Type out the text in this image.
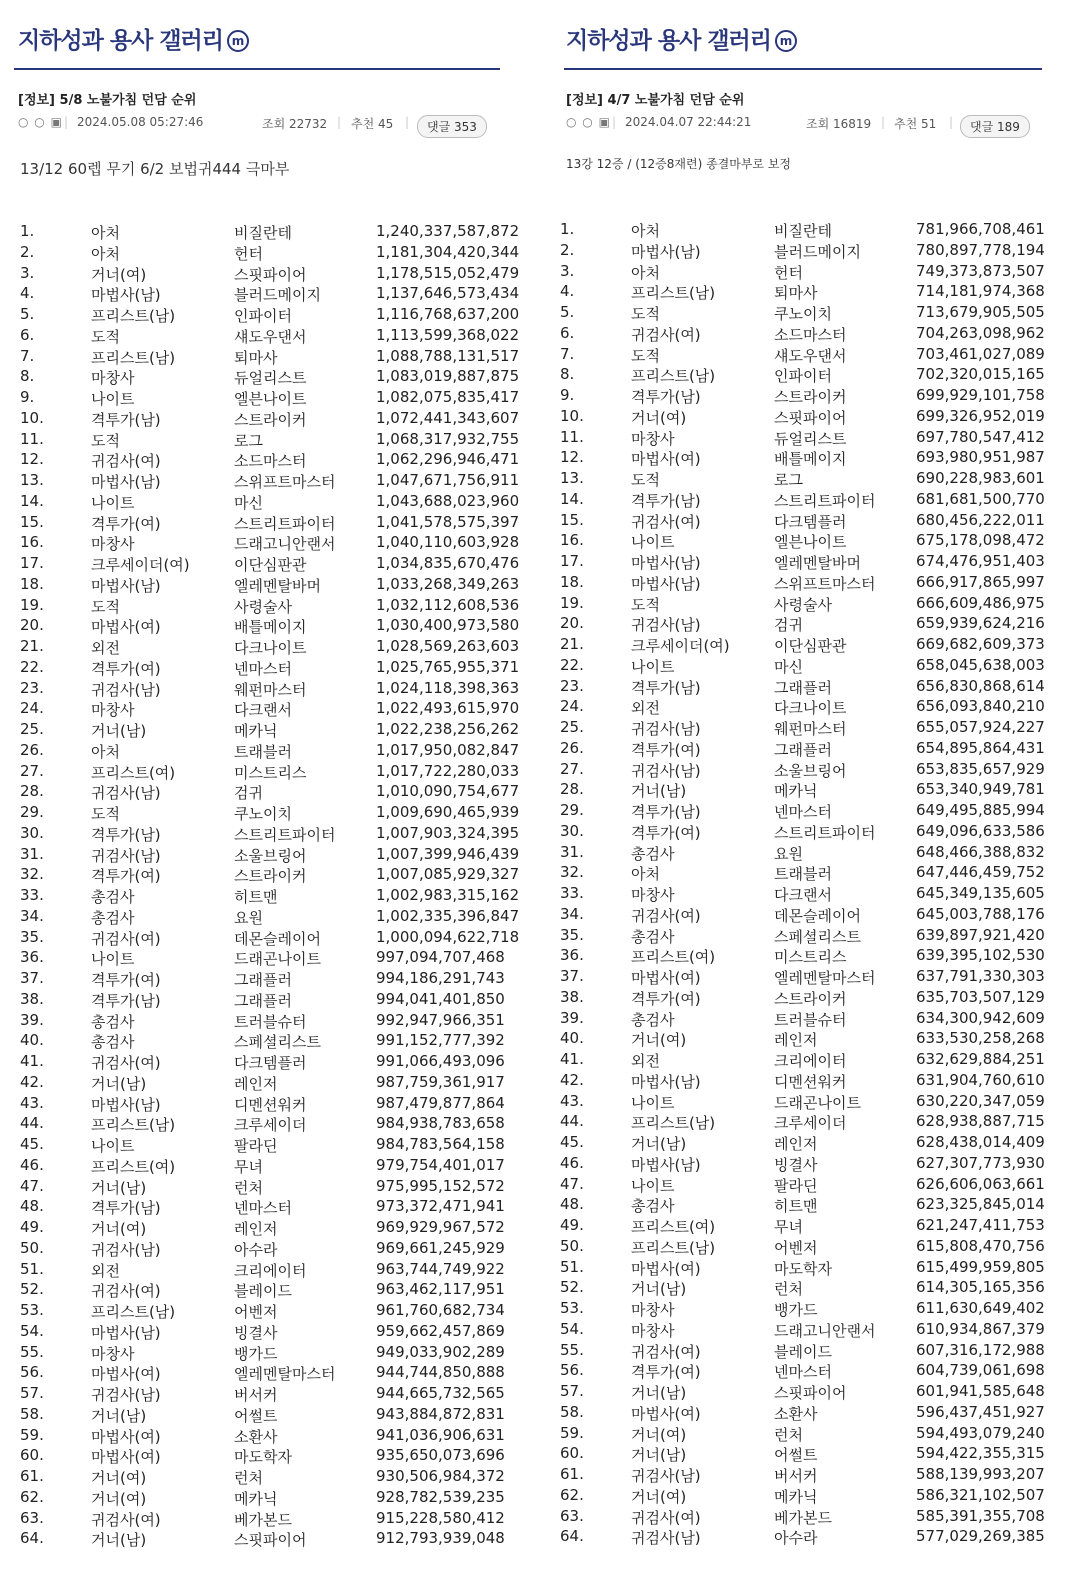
지하성과 용사 갤러리 m
[정보] 5/8 노불가침 던담 순위
○ ○ ▣ | 2024.05.08 05:27:46	조회 22732 | 추천 45 |	댓글 353
13/12 60렙 무기 6/2 보법귀444 극마부
1.	아처	비질란테	1,240,337,587,872
2.	아처	헌터	1,181,304,420,344
3.	거너(여)	스핏파이어	1,178,515,052,479
4.	마법사(남)	블러드메이지	1,137,646,573,434
5.	프리스트(남)	인파이터	1,116,768,637,200
6.	도적	섀도우댄서	1,113,599,368,022
7.	프리스트(남)	퇴마사	1,088,788,131,517
8.	마창사	듀얼리스트	1,083,019,887,875
9.	나이트	엘븐나이트	1,082,075,835,417
10.	격투가(남)	스트라이커	1,072,441,343,607
11.	도적	로그	1,068,317,932,755
12.	귀검사(여)	소드마스터	1,062,296,946,471
13.	마법사(남)	스위프트마스터	1,047,671,756,911
14.	나이트	마신	1,043,688,023,960
15.	격투가(여)	스트리트파이터	1,041,578,575,397
16.	마창사	드래고니안랜서	1,040,110,603,928
17.	크루세이더(여)	이단심판관	1,034,835,670,476
18.	마법사(남)	엘레멘탈바머	1,033,268,349,263
19.	도적	사령술사	1,032,112,608,536
20.	마법사(여)	배틀메이지	1,030,400,973,580
21.	외전	다크나이트	1,028,569,263,603
22.	격투가(여)	넨마스터	1,025,765,955,371
23.	귀검사(남)	웨펀마스터	1,024,118,398,363
24.	마창사	다크랜서	1,022,493,615,970
25.	거너(남)	메카닉	1,022,238,256,262
26.	아처	트래블러	1,017,950,082,847
27.	프리스트(여)	미스트리스	1,017,722,280,033
28.	귀검사(남)	검귀	1,010,090,754,677
29.	도적	쿠노이치	1,009,690,465,939
30.	격투가(남)	스트리트파이터	1,007,903,324,395
31.	귀검사(남)	소울브링어	1,007,399,946,439
32.	격투가(여)	스트라이커	1,007,085,929,327
33.	총검사	히트맨	1,002,983,315,162
34.	총검사	요원	1,002,335,396,847
35.	귀검사(여)	데몬슬레이어	1,000,094,622,718
36.	나이트	드래곤나이트	997,094,707,468
37.	격투가(여)	그래플러	994,186,291,743
38.	격투가(남)	그래플러	994,041,401,850
39.	총검사	트러블슈터	992,947,966,351
40.	총검사	스페셜리스트	991,152,777,392
41.	귀검사(여)	다크템플러	991,066,493,096
42.	거너(남)	레인저	987,759,361,917
43.	마법사(남)	디멘션워커	987,479,877,864
44.	프리스트(남)	크루세이더	984,938,783,658
45.	나이트	팔라딘	984,783,564,158
46.	프리스트(여)	무녀	979,754,401,017
47.	거너(남)	런처	975,995,152,572
48.	격투가(남)	넨마스터	973,372,471,941
49.	거너(여)	레인저	969,929,967,572
50.	귀검사(남)	아수라	969,661,245,929
51.	외전	크리에이터	963,744,749,922
52.	귀검사(여)	블레이드	963,462,117,951
53.	프리스트(남)	어벤저	961,760,682,734
54.	마법사(남)	빙결사	959,662,457,869
55.	마창사	뱅가드	949,033,902,289
56.	마법사(여)	엘레멘탈마스터	944,744,850,888
57.	귀검사(남)	버서커	944,665,732,565
58.	거너(남)	어썰트	943,884,872,831
59.	마법사(여)	소환사	941,036,906,631
60.	마법사(여)	마도학자	935,650,073,696
61.	거너(여)	런처	930,506,984,372
62.	거너(여)	메카닉	928,782,539,235
63.	귀검사(여)	베가본드	915,228,580,412
64.	거너(남)	스핏파이어	912,793,939,048
지하성과 용사 갤러리 m
[정보] 4/7 노불가침 던담 순위
○ ○ ▣ | 2024.04.07 22:44:21	조회 16819 | 추천 51 |	댓글 189
13강 12증 / (12증8재련) 종결마부로 보정
1.	아처	비질란테	781,966,708,461
2.	마법사(남)	블러드메이지	780,897,778,194
3.	아처	헌터	749,373,873,507
4.	프리스트(남)	퇴마사	714,181,974,368
5.	도적	쿠노이치	713,679,905,505
6.	귀검사(여)	소드마스터	704,263,098,962
7.	도적	섀도우댄서	703,461,027,089
8.	프리스트(남)	인파이터	702,320,015,165
9.	격투가(남)	스트라이커	699,929,101,758
10.	거너(여)	스핏파이어	699,326,952,019
11.	마창사	듀얼리스트	697,780,547,412
12.	마법사(여)	배틀메이지	693,980,951,987
13.	도적	로그	690,228,983,601
14.	격투가(남)	스트리트파이터	681,681,500,770
15.	귀검사(여)	다크템플러	680,456,222,011
16.	나이트	엘븐나이트	675,178,098,472
17.	마법사(남)	엘레멘탈바머	674,476,951,403
18.	마법사(남)	스위프트마스터	666,917,865,997
19.	도적	사령술사	666,609,486,975
20.	귀검사(남)	검귀	659,939,624,216
21.	크루세이더(여)	이단심판관	669,682,609,373
22.	나이트	마신	658,045,638,003
23.	격투가(남)	그래플러	656,830,868,614
24.	외전	다크나이트	656,093,840,210
25.	귀검사(남)	웨펀마스터	655,057,924,227
26.	격투가(여)	그래플러	654,895,864,431
27.	귀검사(남)	소울브링어	653,835,657,929
28.	거너(남)	메카닉	653,340,949,781
29.	격투가(남)	넨마스터	649,495,885,994
30.	격투가(여)	스트리트파이터	649,096,633,586
31.	총검사	요원	648,466,388,832
32.	아처	트래블러	647,446,459,752
33.	마창사	다크랜서	645,349,135,605
34.	귀검사(여)	데몬슬레이어	645,003,788,176
35.	총검사	스페셜리스트	639,897,921,420
36.	프리스트(여)	미스트리스	639,395,102,530
37.	마법사(여)	엘레멘탈마스터	637,791,330,303
38.	격투가(여)	스트라이커	635,703,507,129
39.	총검사	트러블슈터	634,300,942,609
40.	거너(여)	레인저	633,530,258,268
41.	외전	크리에이터	632,629,884,251
42.	마법사(남)	디멘션워커	631,904,760,610
43.	나이트	드래곤나이트	630,220,347,059
44.	프리스트(남)	크루세이더	628,938,887,715
45.	거너(남)	레인저	628,438,014,409
46.	마법사(남)	빙결사	627,307,773,930
47.	나이트	팔라딘	626,606,063,661
48.	총검사	히트맨	623,325,845,014
49.	프리스트(여)	무녀	621,247,411,753
50.	프리스트(남)	어벤저	615,808,470,756
51.	마법사(여)	마도학자	615,499,959,805
52.	거너(남)	런처	614,305,165,356
53.	마창사	뱅가드	611,630,649,402
54.	마창사	드래고니안랜서	610,934,867,379
55.	귀검사(여)	블레이드	607,316,172,988
56.	격투가(여)	넨마스터	604,739,061,698
57.	거너(남)	스핏파이어	601,941,585,648
58.	마법사(여)	소환사	596,437,451,927
59.	거너(여)	런처	594,493,079,240
60.	거너(남)	어썰트	594,422,355,315
61.	귀검사(남)	버서커	588,139,993,207
62.	거너(여)	메카닉	586,321,102,507
63.	귀검사(여)	베가본드	585,391,355,708
64.	귀검사(남)	아수라	577,029,269,385
